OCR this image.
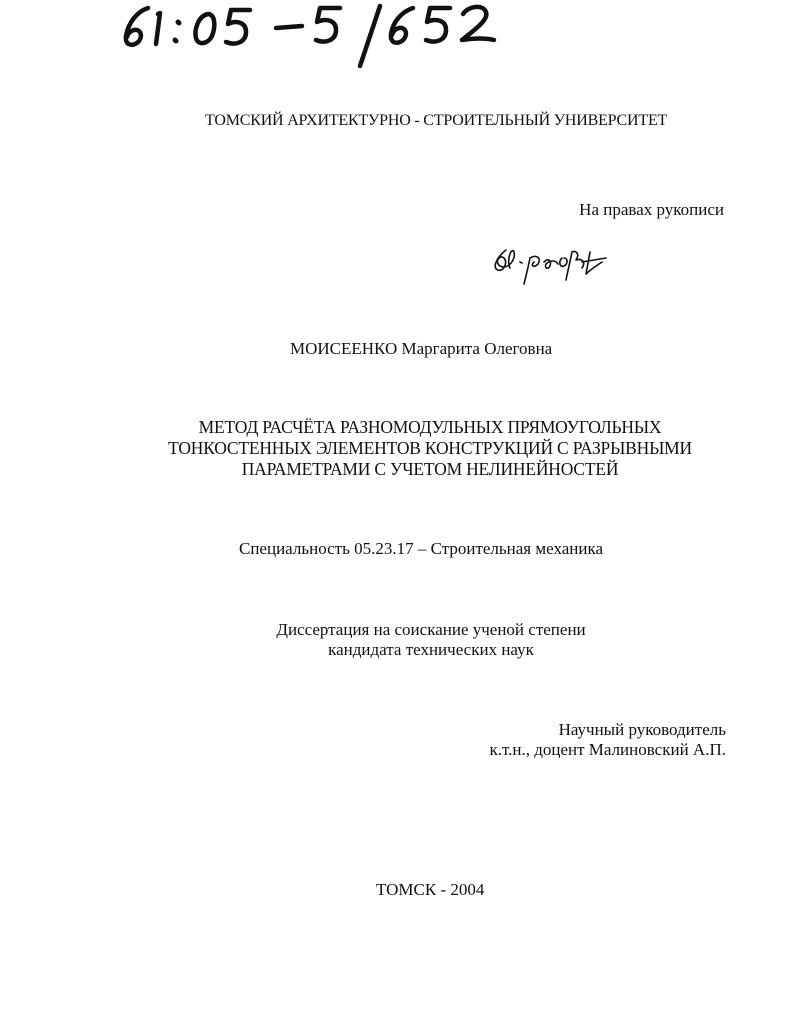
ТОМСКИЙ АРХИТЕКТУРНО - СТРОИТЕЛЬНЫЙ УНИВЕРСИТЕТ
На правах рукописи
МОИСЕЕНКО Маргарита Олеговна
МЕТОД РАСЧЁТА РАЗНОМОДУЛЬНЫХ ПРЯМОУГОЛЬНЫХ
ТОНКОСТЕННЫХ ЭЛЕМЕНТОВ КОНСТРУКЦИЙ С РАЗРЫВНЫМИ
ПАРАМЕТРАМИ С УЧЕТОМ НЕЛИНЕЙНОСТЕЙ
Специальность 05.23.17 – Строительная механика
Диссертация на соискание ученой степени
кандидата технических наук
Научный руководитель
к.т.н., доцент Малиновский А.П.
ТОМСК - 2004
